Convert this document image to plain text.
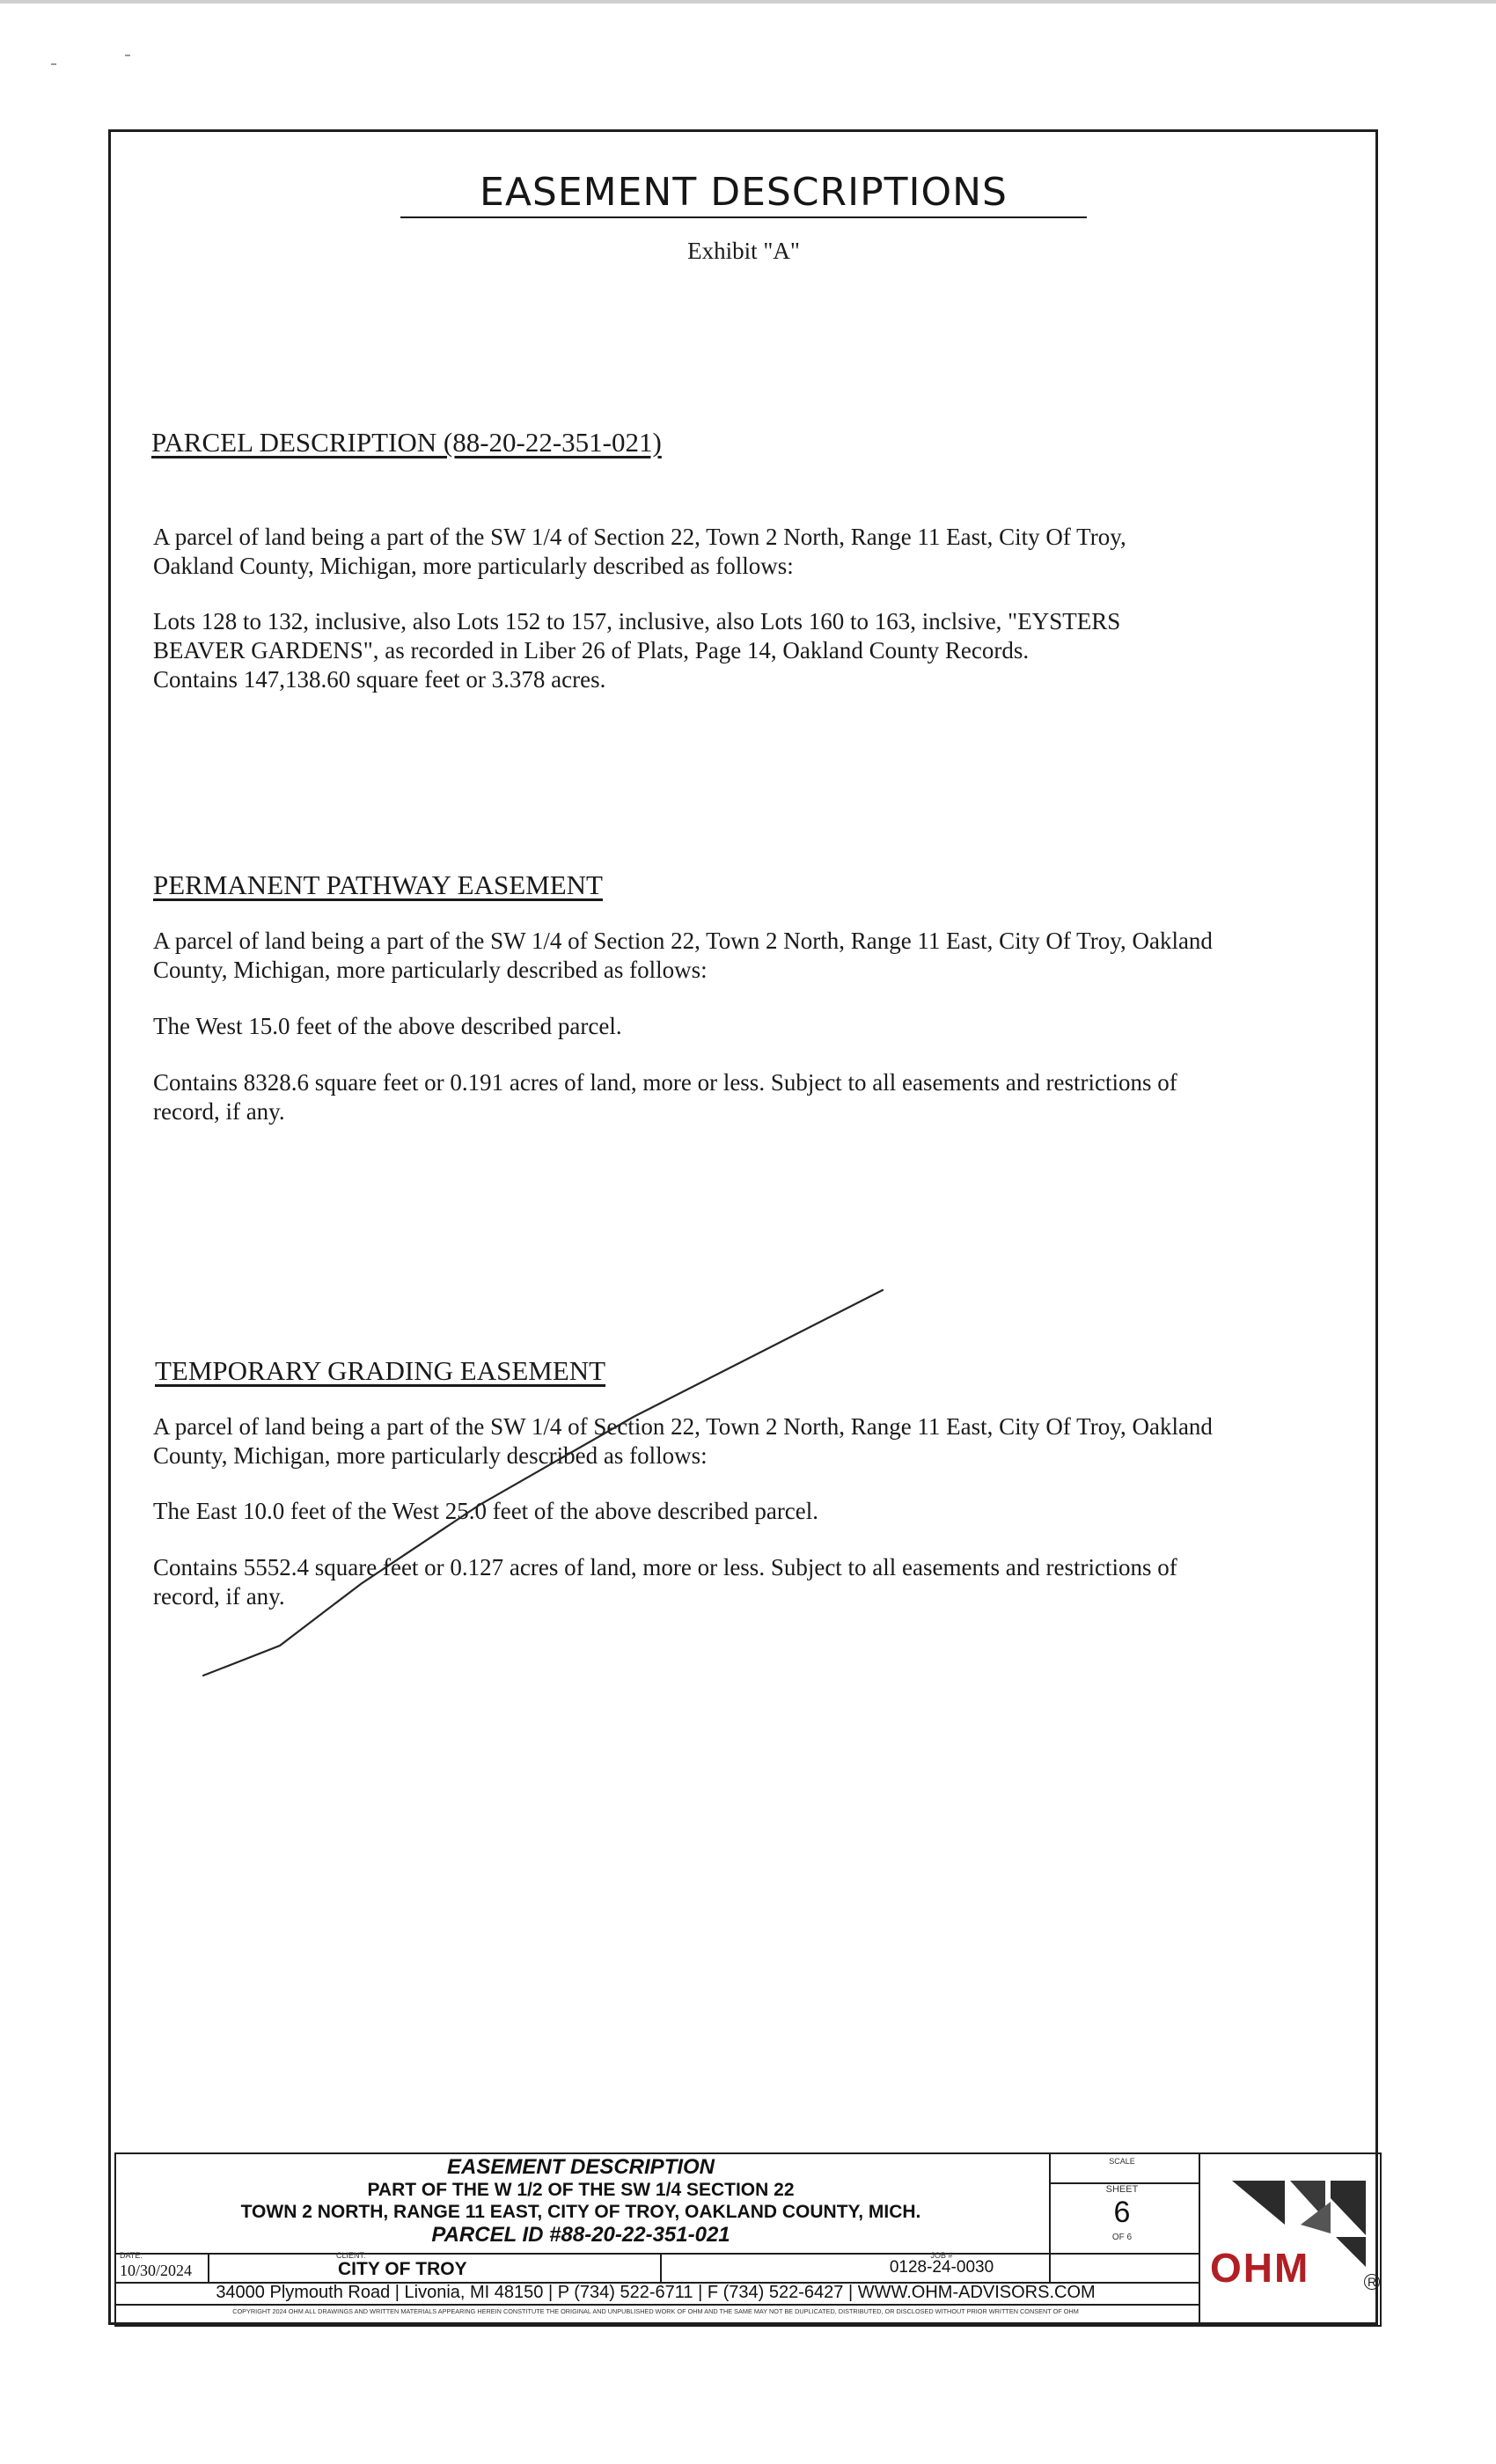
EASEMENT DESCRIPTIONS
Exhibit "A"
PARCEL DESCRIPTION (88-20-22-351-021)
A parcel of land being a part of the SW 1/4 of Section 22, Town 2 North, Range 11 East, City Of Troy,
Oakland County, Michigan, more particularly described as follows:
Lots 128 to 132, inclusive, also Lots 152 to 157, inclusive, also Lots 160 to 163, inclsive, "EYSTERS
BEAVER GARDENS", as recorded in Liber 26 of Plats, Page 14, Oakland County Records.
Contains 147,138.60 square feet or 3.378 acres.
PERMANENT PATHWAY EASEMENT
A parcel of land being a part of the SW 1/4 of Section 22, Town 2 North, Range 11 East, City Of Troy, Oakland
County, Michigan, more particularly described as follows:
The West 15.0 feet of the above described parcel.
Contains 8328.6 square feet or 0.191 acres of land, more or less. Subject to all easements and restrictions of
record, if any.
TEMPORARY GRADING EASEMENT
A parcel of land being a part of the SW 1/4 of Section 22, Town 2 North, Range 11 East, City Of Troy, Oakland
County, Michigan, more particularly described as follows:
The East 10.0 feet of the West 25.0 feet of the above described parcel.
Contains 5552.4 square feet or 0.127 acres of land, more or less. Subject to all easements and restrictions of
record, if any.
EASEMENT DESCRIPTION
PART OF THE W 1/2 OF THE SW 1/4 SECTION 22
TOWN 2 NORTH, RANGE 11 EAST, CITY OF TROY, OAKLAND COUNTY, MICH.
PARCEL ID #88-20-22-351-021
SCALE
SHEET
6
OF 6
DATE:
10/30/2024
CLIENT:
CITY OF TROY
JOB #
0128-24-0030
34000 Plymouth Road | Livonia, MI 48150 | P (734) 522-6711 | F (734) 522-6427 | WWW.OHM-ADVISORS.COM
COPYRIGHT 2024 OHM ALL DRAWINGS AND WRITTEN MATERIALS APPEARING HEREIN CONSTITUTE THE ORIGINAL AND UNPUBLISHED WORK OF OHM AND THE SAME MAY NOT BE DUPLICATED, DISTRIBUTED, OR DISCLOSED WITHOUT PRIOR WRITTEN CONSENT OF OHM
OHM	R
